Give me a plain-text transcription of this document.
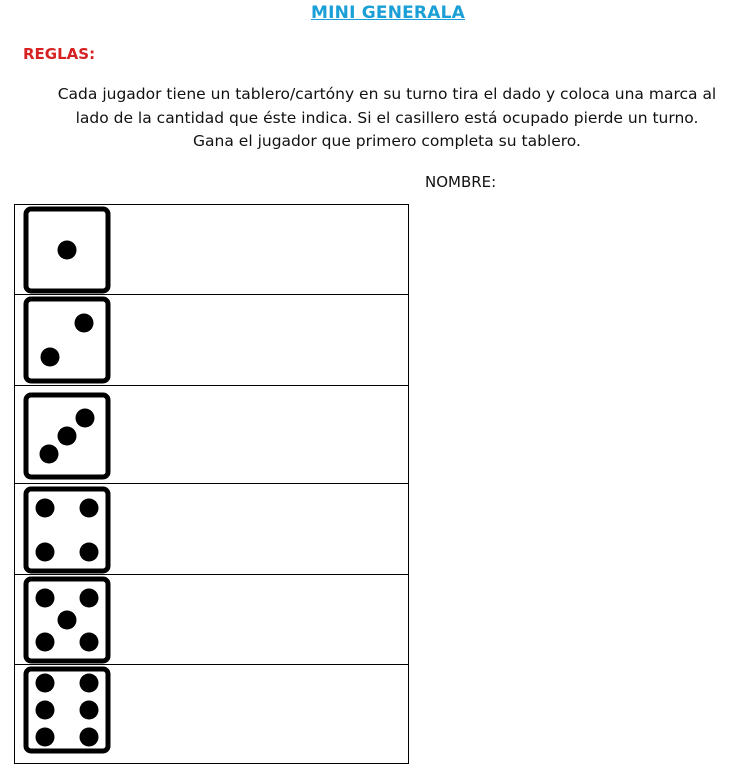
MINI GENERALA
REGLAS:
Cada jugador tiene un tablero/cartóny en su turno tira el dado y coloca una marca al
lado de la cantidad que éste indica. Si el casillero está ocupado pierde un turno.
Gana el jugador que primero completa su tablero.
NOMBRE:
